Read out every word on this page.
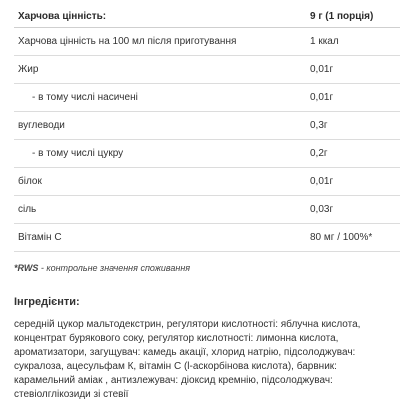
Харчова цінність:	9 г (1 порція)
Харчова цінність на 100 мл після приготування	1 ккал
Жир	0,01г
- в тому числі насичені	0,01г
вуглеводи	0,3г
- в тому числі цукру	0,2г
білок	0,01г
сіль	0,03г
Вітамін С	80 мг / 100%*
*RWS - контрольне значення споживання
Інгредієнти:
середній цукор мальтодекстрин, регулятори кислотності: яблучна кислота, концентрат бурякового соку, регулятор кислотності: лимонна кислота, ароматизатори, загущувач: камедь акації, хлорид натрію, підсолоджувач: сукралоза, ацесульфам К, вітамін С (l-аскорбінова кислота), барвник: карамельний аміак , антизлежувач: діоксид кремнію, підсолоджувач: стевіолглікозиди зі стевії
